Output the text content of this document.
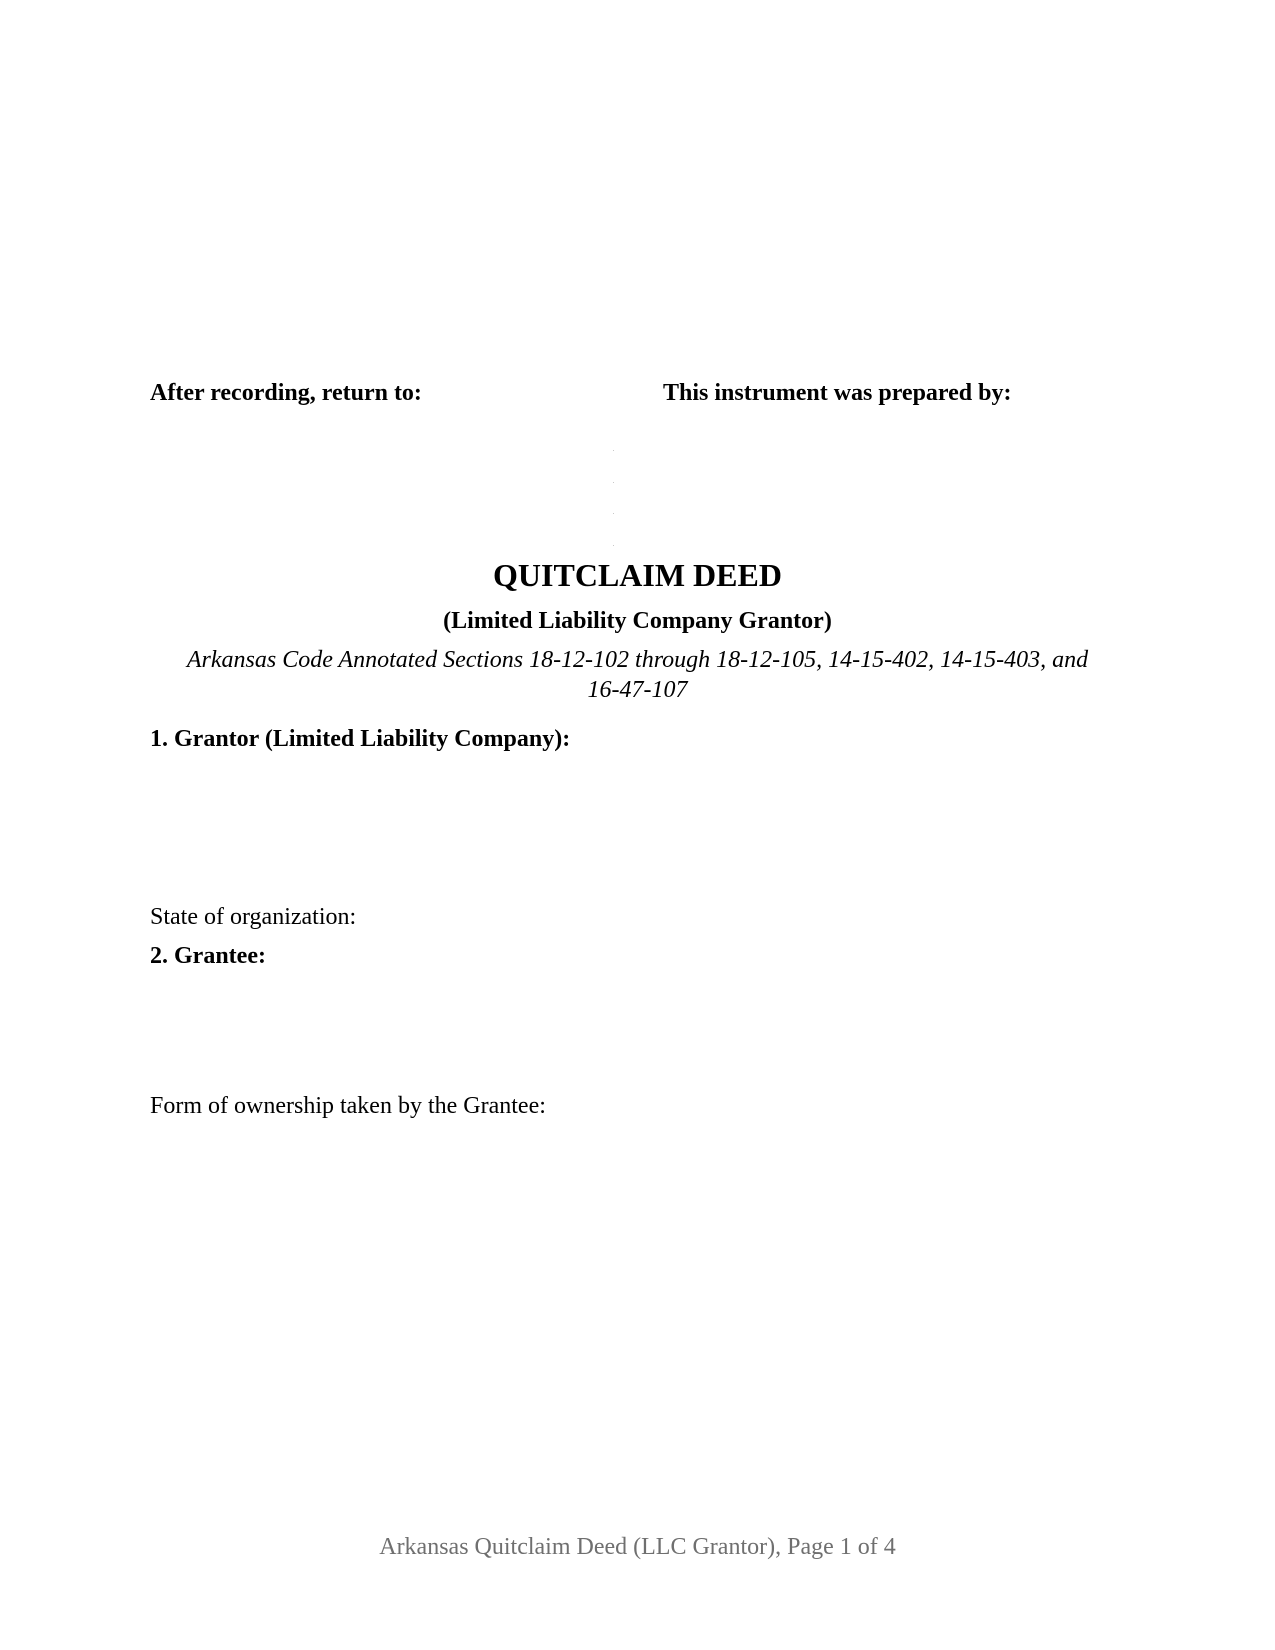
After recording, return to:	This instrument was prepared by:
QUITCLAIM DEED
(Limited Liability Company Grantor)
Arkansas Code Annotated Sections 18-12-102 through 18-12-105, 14-15-402, 14-15-403, and
16-47-107
1. Grantor (Limited Liability Company):
State of organization:
2. Grantee:
Form of ownership taken by the Grantee:
Arkansas Quitclaim Deed (LLC Grantor), Page 1 of 4
